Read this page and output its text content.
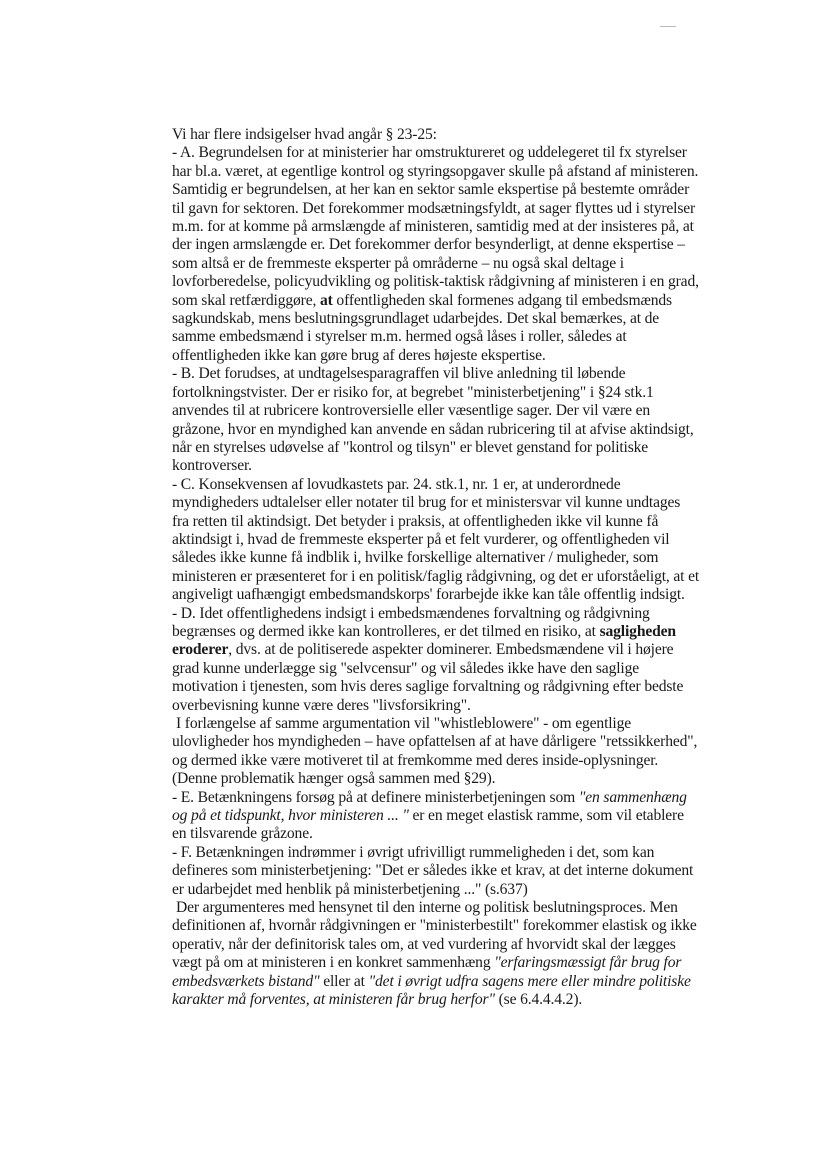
Vi har flere indsigelser hvad angår § 23-25:
- A. Begrundelsen for at ministerier har omstruktureret og uddelegeret til fx styrelser
har bl.a. været, at egentlige kontrol og styringsopgaver skulle på afstand af ministeren.
Samtidig er begrundelsen, at her kan en sektor samle ekspertise på bestemte områder
til gavn for sektoren. Det forekommer modsætningsfyldt, at sager flyttes ud i styrelser
m.m. for at komme på armslængde af ministeren, samtidig med at der insisteres på, at
der ingen armslængde er. Det forekommer derfor besynderligt, at denne ekspertise –
som altså er de fremmeste eksperter på områderne – nu også skal deltage i
lovforberedelse, policyudvikling og politisk-taktisk rådgivning af ministeren i en grad,
som skal retfærdiggøre, at offentligheden skal formenes adgang til embedsmænds
sagkundskab, mens beslutningsgrundlaget udarbejdes. Det skal bemærkes, at de
samme embedsmænd i styrelser m.m. hermed også låses i roller, således at
offentligheden ikke kan gøre brug af deres højeste ekspertise.
- B. Det forudses, at undtagelsesparagraffen vil blive anledning til løbende
fortolkningstvister. Der er risiko for, at begrebet "ministerbetjening" i §24 stk.1
anvendes til at rubricere kontroversielle eller væsentlige sager. Der vil være en
gråzone, hvor en myndighed kan anvende en sådan rubricering til at afvise aktindsigt,
når en styrelses udøvelse af "kontrol og tilsyn" er blevet genstand for politiske
kontroverser.
- C. Konsekvensen af lovudkastets par. 24. stk.1, nr. 1 er, at underordnede
myndigheders udtalelser eller notater til brug for et ministersvar vil kunne undtages
fra retten til aktindsigt. Det betyder i praksis, at offentligheden ikke vil kunne få
aktindsigt i, hvad de fremmeste eksperter på et felt vurderer, og offentligheden vil
således ikke kunne få indblik i, hvilke forskellige alternativer / muligheder, som
ministeren er præsenteret for i en politisk/faglig rådgivning, og det er uforståeligt, at et
angiveligt uafhængigt embedsmandskorps' forarbejde ikke kan tåle offentlig indsigt.
- D. Idet offentlighedens indsigt i embedsmændenes forvaltning og rådgivning
begrænses og dermed ikke kan kontrolleres, er det tilmed en risiko, at sagligheden
eroderer, dvs. at de politiserede aspekter dominerer. Embedsmændene vil i højere
grad kunne underlægge sig "selvcensur" og vil således ikke have den saglige
motivation i tjenesten, som hvis deres saglige forvaltning og rådgivning efter bedste
overbevisning kunne være deres "livsforsikring".
I forlængelse af samme argumentation vil "whistleblowere" - om egentlige
ulovligheder hos myndigheden – have opfattelsen af at have dårligere "retssikkerhed",
og dermed ikke være motiveret til at fremkomme med deres inside-oplysninger.
(Denne problematik hænger også sammen med §29).
- E. Betænkningens forsøg på at definere ministerbetjeningen som "en sammenhæng
og på et tidspunkt, hvor ministeren ... " er en meget elastisk ramme, som vil etablere
en tilsvarende gråzone.
- F. Betænkningen indrømmer i øvrigt ufrivilligt rummeligheden i det, som kan
defineres som ministerbetjening: "Det er således ikke et krav, at det interne dokument
er udarbejdet med henblik på ministerbetjening ..." (s.637)
Der argumenteres med hensynet til den interne og politisk beslutningsproces. Men
definitionen af, hvornår rådgivningen er "ministerbestilt" forekommer elastisk og ikke
operativ, når der definitorisk tales om, at ved vurdering af hvorvidt skal der lægges
vægt på om at ministeren i en konkret sammenhæng "erfaringsmæssigt får brug for
embedsværkets bistand" eller at "det i øvrigt udfra sagens mere eller mindre politiske
karakter må forventes, at ministeren får brug herfor" (se 6.4.4.4.2).
